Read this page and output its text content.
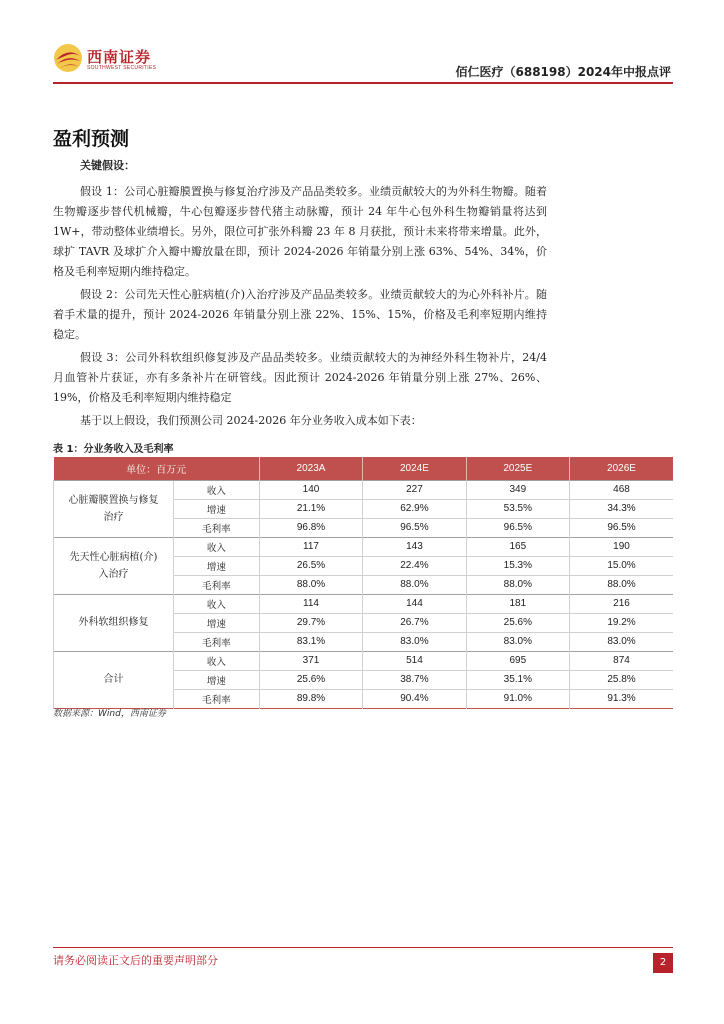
西南证券
SOUTHWEST SECURITIES	佰仁医疗（688198）2024年中报点评
盈利预测
关键假设：

假设 1：公司心脏瓣膜置换与修复治疗涉及产品品类较多。业绩贡献较大的为外科生物瓣。随着生物瓣逐步替代机械瓣，牛心包瓣逐步替代猪主动脉瓣，预计 24 年牛心包外科生物瓣销量将达到 1W+，带动整体业绩增长。另外，限位可扩张外科瓣 23 年 8 月获批，预计未来将带来增量。此外，球扩 TAVR 及球扩介入瓣中瓣放量在即，预计 2024-2026 年销量分别上涨 63%、54%、34%，价格及毛利率短期内维持稳定。

假设 2：公司先天性心脏病植(介)入治疗涉及产品品类较多。业绩贡献较大的为心外科补片。随着手术量的提升，预计 2024-2026 年销量分别上涨 22%、15%、15%，价格及毛利率短期内维持稳定。

假设 3：公司外科软组织修复涉及产品品类较多。业绩贡献较大的为神经外科生物补片，24/4 月血管补片获证，亦有多条补片在研管线。因此预计 2024-2026 年销量分别上涨 27%、26%、19%，价格及毛利率短期内维持稳定

基于以上假设，我们预测公司 2024-2026 年分业务收入成本如下表：

表 1：分业务收入及毛利率
单位：百万元		2023A	2024E	2025E	2026E
心脏瓣膜置换与修复治疗	收入	140	227	349	468
	增速	21.1%	62.9%	53.5%	34.3%
	毛利率	96.8%	96.5%	96.5%	96.5%
先天性心脏病植(介)入治疗	收入	117	143	165	190
	增速	26.5%	22.4%	15.3%	15.0%
	毛利率	88.0%	88.0%	88.0%	88.0%
外科软组织修复	收入	114	144	181	216
	增速	29.7%	26.7%	25.6%	19.2%
	毛利率	83.1%	83.0%	83.0%	83.0%
合计	收入	371	514	695	874
	增速	25.6%	38.7%	35.1%	25.8%
	毛利率	89.8%	90.4%	91.0%	91.3%
数据来源：Wind，西南证券
请务必阅读正文后的重要声明部分	2
